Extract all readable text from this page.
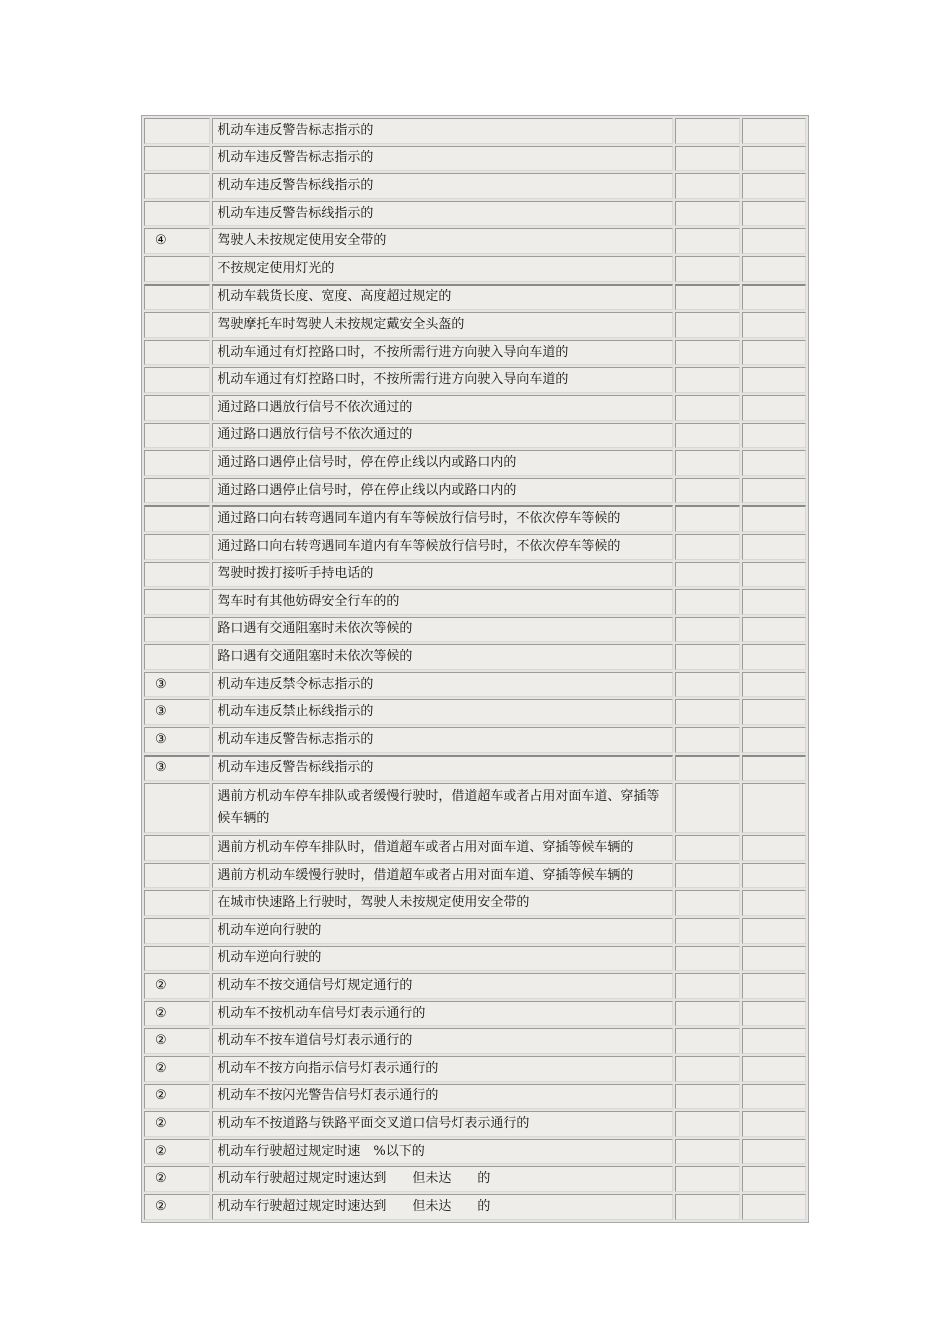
	机动车违反警告标志指示的		
	机动车违反警告标志指示的		
	机动车违反警告标线指示的		
	机动车违反警告标线指示的		
④	驾驶人未按规定使用安全带的		
	不按规定使用灯光的		
	机动车载货长度、宽度、高度超过规定的		
	驾驶摩托车时驾驶人未按规定戴安全头盔的		
	机动车通过有灯控路口时，不按所需行进方向驶入导向车道的		
	机动车通过有灯控路口时，不按所需行进方向驶入导向车道的		
	通过路口遇放行信号不依次通过的		
	通过路口遇放行信号不依次通过的		
	通过路口遇停止信号时，停在停止线以内或路口内的		
	通过路口遇停止信号时，停在停止线以内或路口内的		
	通过路口向右转弯遇同车道内有车等候放行信号时，不依次停车等候的		
	通过路口向右转弯遇同车道内有车等候放行信号时，不依次停车等候的		
	驾驶时拨打接听手持电话的		
	驾车时有其他妨碍安全行车的的		
	路口遇有交通阻塞时未依次等候的		
	路口遇有交通阻塞时未依次等候的		
③	机动车违反禁令标志指示的		
③	机动车违反禁止标线指示的		
③	机动车违反警告标志指示的		
③	机动车违反警告标线指示的		
	遇前方机动车停车排队或者缓慢行驶时，借道超车或者占用对面车道、穿插等候车辆的		
	遇前方机动车停车排队时，借道超车或者占用对面车道、穿插等候车辆的		
	遇前方机动车缓慢行驶时，借道超车或者占用对面车道、穿插等候车辆的		
	在城市快速路上行驶时，驾驶人未按规定使用安全带的		
	机动车逆向行驶的		
	机动车逆向行驶的		
②	机动车不按交通信号灯规定通行的		
②	机动车不按机动车信号灯表示通行的		
②	机动车不按车道信号灯表示通行的		
②	机动车不按方向指示信号灯表示通行的		
②	机动车不按闪光警告信号灯表示通行的		
②	机动车不按道路与铁路平面交叉道口信号灯表示通行的		
②	机动车行驶超过规定时速　%以下的		
②	机动车行驶超过规定时速达到　　但未达　　的		
②	机动车行驶超过规定时速达到　　但未达　　的		
